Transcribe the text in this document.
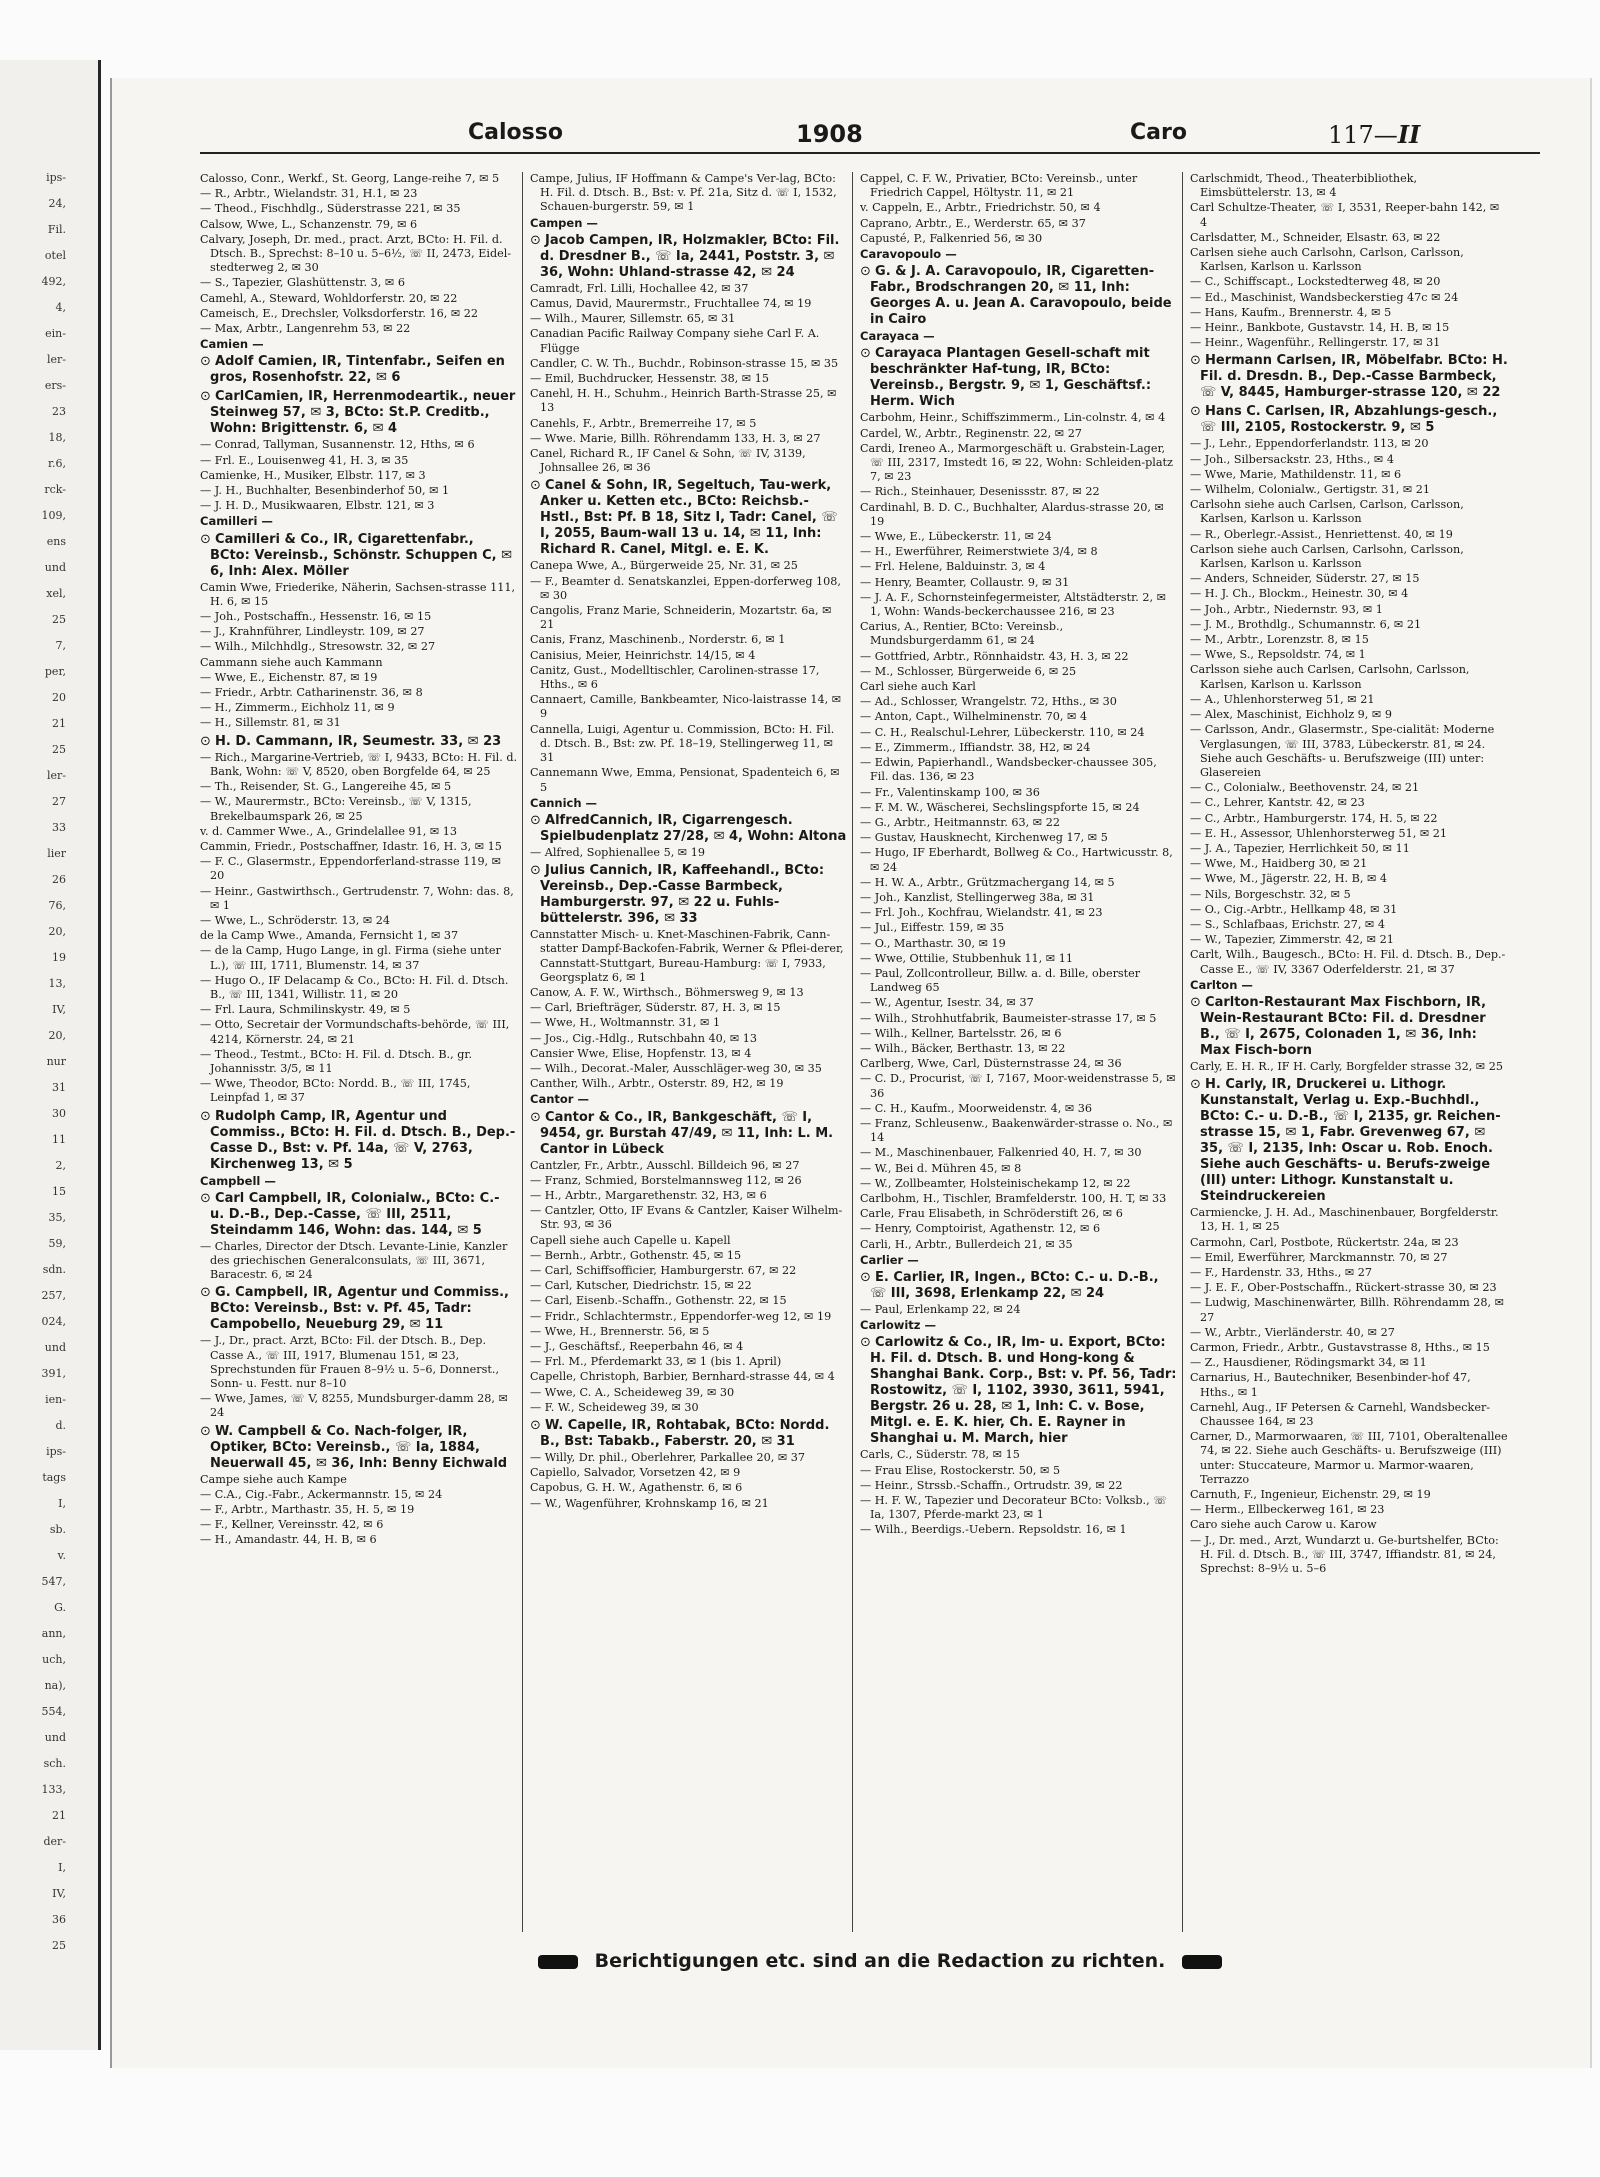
ips-
24,
Fil.
otel
492,
4,
ein-
ler-
ers-
23
18,
r.6,
rck-
109,
ens
und
xel,
25
7,
per,
20
21
25
ler-
27
33
lier
26
76,
20,
19
13,
IV,
20,
nur
31
30
11
2,
15
35,
59,
sdn.
257,
024,
und
391,
ien-
d.
ips-
tags
I,
sb.
v.
547,
G.
ann,
uch,
na),
554,
und
sch.
133,
21
der-
I,
IV,
36
25
Calosso	1908	Caro	117—II
Calosso, Conr., Werkf., St. Georg, Lange-reihe 7, ✉ 5
— R., Arbtr., Wielandstr. 31, H.1, ✉ 23
— Theod., Fischhdlg., Süderstrasse 221, ✉ 35
Calsow, Wwe, L., Schanzenstr. 79, ✉ 6
Calvary, Joseph, Dr. med., pract. Arzt, BCto: H. Fil. d. Dtsch. B., Sprechst: 8–10 u. 5–6½, ☏ II, 2473, Eidel-stedterweg 2, ✉ 30
— S., Tapezier, Glashüttenstr. 3, ✉ 6
Camehl, A., Steward, Wohldorferstr. 20, ✉ 22
Cameisch, E., Drechsler, Volksdorferstr. 16, ✉ 22
— Max, Arbtr., Langenrehm 53, ✉ 22
Camien —
⊙ Adolf Camien, IR, Tintenfabr., Seifen en gros, Rosenhofstr. 22, ✉ 6
⊙ CarlCamien, IR, Herrenmodeartik., neuer Steinweg 57, ✉ 3, BCto: St.P. Creditb., Wohn: Brigittenstr. 6, ✉ 4
— Conrad, Tallyman, Susannenstr. 12, Hths, ✉ 6
— Frl. E., Louisenweg 41, H. 3, ✉ 35
Camienke, H., Musiker, Elbstr. 117, ✉ 3
— J. H., Buchhalter, Besenbinderhof 50, ✉ 1
— J. H. D., Musikwaaren, Elbstr. 121, ✉ 3
Camilleri —
⊙ Camilleri & Co., IR, Cigarettenfabr., BCto: Vereinsb., Schönstr. Schuppen C, ✉ 6, Inh: Alex. Möller
Camin Wwe, Friederike, Näherin, Sachsen-strasse 111, H. 6, ✉ 15
— Joh., Postschaffn., Hessenstr. 16, ✉ 15
— J., Krahnführer, Lindleystr. 109, ✉ 27
— Wilh., Milchhdlg., Stresowstr. 32, ✉ 27
Cammann siehe auch Kammann
— Wwe, E., Eichenstr. 87, ✉ 19
— Friedr., Arbtr. Catharinenstr. 36, ✉ 8
— H., Zimmerm., Eichholz 11, ✉ 9
— H., Sillemstr. 81, ✉ 31
⊙ H. D. Cammann, IR, Seumestr. 33, ✉ 23
— Rich., Margarine-Vertrieb, ☏ I, 9433, BCto: H. Fil. d. Bank, Wohn: ☏ V, 8520, oben Borgfelde 64, ✉ 25
— Th., Reisender, St. G., Langereihe 45, ✉ 5
— W., Maurermstr., BCto: Vereinsb., ☏ V, 1315, Brekelbaumspark 26, ✉ 25
v. d. Cammer Wwe., A., Grindelallee 91, ✉ 13
Cammin, Friedr., Postschaffner, Idastr. 16, H. 3, ✉ 15
— F. C., Glasermstr., Eppendorferland-strasse 119, ✉ 20
— Heinr., Gastwirthsch., Gertrudenstr. 7, Wohn: das. 8, ✉ 1
— Wwe, L., Schröderstr. 13, ✉ 24
de la Camp Wwe., Amanda, Fernsicht 1, ✉ 37
— de la Camp, Hugo Lange, in gl. Firma (siehe unter L.), ☏ III, 1711, Blumenstr. 14, ✉ 37
— Hugo O., IF Delacamp & Co., BCto: H. Fil. d. Dtsch. B., ☏ III, 1341, Willistr. 11, ✉ 20
— Frl. Laura, Schmilinskystr. 49, ✉ 5
— Otto, Secretair der Vormundschafts-behörde, ☏ III, 4214, Körnerstr. 24, ✉ 21
— Theod., Testmt., BCto: H. Fil. d. Dtsch. B., gr. Johannisstr. 3/5, ✉ 11
— Wwe, Theodor, BCto: Nordd. B., ☏ III, 1745, Leinpfad 1, ✉ 37
⊙ Rudolph Camp, IR, Agentur und Commiss., BCto: H. Fil. d. Dtsch. B., Dep.-Casse D., Bst: v. Pf. 14a, ☏ V, 2763, Kirchenweg 13, ✉ 5
Campbell —
⊙ Carl Campbell, IR, Colonialw., BCto: C.- u. D.-B., Dep.-Casse, ☏ III, 2511, Steindamm 146, Wohn: das. 144, ✉ 5
— Charles, Director der Dtsch. Levante-Linie, Kanzler des griechischen Generalconsulats, ☏ III, 3671, Baracestr. 6, ✉ 24
⊙ G. Campbell, IR, Agentur und Commiss., BCto: Vereinsb., Bst: v. Pf. 45, Tadr: Campobello, Neueburg 29, ✉ 11
— J., Dr., pract. Arzt, BCto: Fil. der Dtsch. B., Dep. Casse A., ☏ III, 1917, Blumenau 151, ✉ 23, Sprechstunden für Frauen 8–9½ u. 5–6, Donnerst., Sonn- u. Festt. nur 8–10
— Wwe, James, ☏ V, 8255, Mundsburger-damm 28, ✉ 24
⊙ W. Campbell & Co. Nach-folger, IR, Optiker, BCto: Vereinsb., ☏ Ia, 1884, Neuerwall 45, ✉ 36, Inh: Benny Eichwald
Campe siehe auch Kampe
— C.A., Cig.-Fabr., Ackermannstr. 15, ✉ 24
— F., Arbtr., Marthastr. 35, H. 5, ✉ 19
— F., Kellner, Vereinsstr. 42, ✉ 6
— H., Amandastr. 44, H. B, ✉ 6
Campe, Julius, IF Hoffmann & Campe's Ver-lag, BCto: H. Fil. d. Dtsch. B., Bst: v. Pf. 21a, Sitz d. ☏ I, 1532, Schauen-burgerstr. 59, ✉ 1
Campen —
⊙ Jacob Campen, IR, Holzmakler, BCto: Fil. d. Dresdner B., ☏ Ia, 2441, Poststr. 3, ✉ 36, Wohn: Uhland-strasse 42, ✉ 24
Camradt, Frl. Lilli, Hochallee 42, ✉ 37
Camus, David, Maurermstr., Fruchtallee 74, ✉ 19
— Wilh., Maurer, Sillemstr. 65, ✉ 31
Canadian Pacific Railway Company siehe Carl F. A. Flügge
Candler, C. W. Th., Buchdr., Robinson-strasse 15, ✉ 35
— Emil, Buchdrucker, Hessenstr. 38, ✉ 15
Canehl, H. H., Schuhm., Heinrich Barth-Strasse 25, ✉ 13
Canehls, F., Arbtr., Bremerreihe 17, ✉ 5
— Wwe. Marie, Billh. Röhrendamm 133, H. 3, ✉ 27
Canel, Richard R., IF Canel & Sohn, ☏ IV, 3139, Johnsallee 26, ✉ 36
⊙ Canel & Sohn, IR, Segeltuch, Tau-werk, Anker u. Ketten etc., BCto: Reichsb.-Hstl., Bst: Pf. B 18, Sitz I, Tadr: Canel, ☏ I, 2055, Baum-wall 13 u. 14, ✉ 11, Inh: Richard R. Canel, Mitgl. e. E. K.
Canepa Wwe, A., Bürgerweide 25, Nr. 31, ✉ 25
— F., Beamter d. Senatskanzlei, Eppen-dorferweg 108, ✉ 30
Cangolis, Franz Marie, Schneiderin, Mozartstr. 6a, ✉ 21
Canis, Franz, Maschinenb., Norderstr. 6, ✉ 1
Canisius, Meier, Heinrichstr. 14/15, ✉ 4
Canitz, Gust., Modelltischler, Carolinen-strasse 17, Hths., ✉ 6
Cannaert, Camille, Bankbeamter, Nico-laistrasse 14, ✉ 9
Cannella, Luigi, Agentur u. Commission, BCto: H. Fil. d. Dtsch. B., Bst: zw. Pf. 18–19, Stellingerweg 11, ✉ 31
Cannemann Wwe, Emma, Pensionat, Spadenteich 6, ✉ 5
Cannich —
⊙ AlfredCannich, IR, Cigarrengesch. Spielbudenplatz 27/28, ✉ 4, Wohn: Altona
— Alfred, Sophienallee 5, ✉ 19
⊙ Julius Cannich, IR, Kaffeehandl., BCto: Vereinsb., Dep.-Casse Barmbeck, Hamburgerstr. 97, ✉ 22 u. Fuhls-büttelerstr. 396, ✉ 33
Cannstatter Misch- u. Knet-Maschinen-Fabrik, Cann-statter Dampf-Backofen-Fabrik, Werner & Pflei-derer, Cannstatt-Stuttgart, Bureau-Hamburg: ☏ I, 7933, Georgsplatz 6, ✉ 1
Canow, A. F. W., Wirthsch., Böhmersweg 9, ✉ 13
— Carl, Briefträger, Süderstr. 87, H. 3, ✉ 15
— Wwe, H., Woltmannstr. 31, ✉ 1
— Jos., Cig.-Hdlg., Rutschbahn 40, ✉ 13
Cansier Wwe, Elise, Hopfenstr. 13, ✉ 4
— Wilh., Decorat.-Maler, Ausschläger-weg 30, ✉ 35
Canther, Wilh., Arbtr., Osterstr. 89, H2, ✉ 19
Cantor —
⊙ Cantor & Co., IR, Bankgeschäft, ☏ I, 9454, gr. Burstah 47/49, ✉ 11, Inh: L. M. Cantor in Lübeck
Cantzler, Fr., Arbtr., Ausschl. Billdeich 96, ✉ 27
— Franz, Schmied, Borstelmannsweg 112, ✉ 26
— H., Arbtr., Margarethenstr. 32, H3, ✉ 6
— Cantzler, Otto, IF Evans & Cantzler, Kaiser Wilhelm-Str. 93, ✉ 36
Capell siehe auch Capelle u. Kapell
— Bernh., Arbtr., Gothenstr. 45, ✉ 15
— Carl, Schiffsofficier, Hamburgerstr. 67, ✉ 22
— Carl, Kutscher, Diedrichstr. 15, ✉ 22
— Carl, Eisenb.-Schaffn., Gothenstr. 22, ✉ 15
— Fridr., Schlachtermstr., Eppendorfer-weg 12, ✉ 19
— Wwe, H., Brennerstr. 56, ✉ 5
— J., Geschäftsf., Reeperbahn 46, ✉ 4
— Frl. M., Pferdemarkt 33, ✉ 1 (bis 1. April)
Capelle, Christoph, Barbier, Bernhard-strasse 44, ✉ 4
— Wwe, C. A., Scheideweg 39, ✉ 30
— F. W., Scheideweg 39, ✉ 30
⊙ W. Capelle, IR, Rohtabak, BCto: Nordd. B., Bst: Tabakb., Faberstr. 20, ✉ 31
— Willy, Dr. phil., Oberlehrer, Parkallee 20, ✉ 37
Capiello, Salvador, Vorsetzen 42, ✉ 9
Capobus, G. H. W., Agathenstr. 6, ✉ 6
— W., Wagenführer, Krohnskamp 16, ✉ 21
Cappel, C. F. W., Privatier, BCto: Vereinsb., unter Friedrich Cappel, Höltystr. 11, ✉ 21
v. Cappeln, E., Arbtr., Friedrichstr. 50, ✉ 4
Caprano, Arbtr., E., Werderstr. 65, ✉ 37
Capusté, P., Falkenried 56, ✉ 30
Caravopoulo —
⊙ G. & J. A. Caravopoulo, IR, Cigaretten-Fabr., Brodschrangen 20, ✉ 11, Inh: Georges A. u. Jean A. Caravopoulo, beide in Cairo
Carayaca —
⊙ Carayaca Plantagen Gesell-schaft mit beschränkter Haf-tung, IR, BCto: Vereinsb., Bergstr. 9, ✉ 1, Geschäftsf.: Herm. Wich
Carbohm, Heinr., Schiffszimmerm., Lin-colnstr. 4, ✉ 4
Cardel, W., Arbtr., Reginenstr. 22, ✉ 27
Cardi, Ireneo A., Marmorgeschäft u. Grabstein-Lager, ☏ III, 2317, Imstedt 16, ✉ 22, Wohn: Schleiden-platz 7, ✉ 23
— Rich., Steinhauer, Desenissstr. 87, ✉ 22
Cardinahl, B. D. C., Buchhalter, Alardus-strasse 20, ✉ 19
— Wwe, E., Lübeckerstr. 11, ✉ 24
— H., Ewerführer, Reimerstwiete 3/4, ✉ 8
— Frl. Helene, Balduinstr. 3, ✉ 4
— Henry, Beamter, Collaustr. 9, ✉ 31
— J. A. F., Schornsteinfegermeister, Altstädterstr. 2, ✉ 1, Wohn: Wands-beckerchaussee 216, ✉ 23
Carius, A., Rentier, BCto: Vereinsb., Mundsburgerdamm 61, ✉ 24
— Gottfried, Arbtr., Rönnhaidstr. 43, H. 3, ✉ 22
— M., Schlosser, Bürgerweide 6, ✉ 25
Carl siehe auch Karl
— Ad., Schlosser, Wrangelstr. 72, Hths., ✉ 30
— Anton, Capt., Wilhelminenstr. 70, ✉ 4
— C. H., Realschul-Lehrer, Lübeckerstr. 110, ✉ 24
— E., Zimmerm., Iffiandstr. 38, H2, ✉ 24
— Edwin, Papierhandl., Wandsbecker-chaussee 305, Fil. das. 136, ✉ 23
— Fr., Valentinskamp 100, ✉ 36
— F. M. W., Wäscherei, Sechslingspforte 15, ✉ 24
— G., Arbtr., Heitmannstr. 63, ✉ 22
— Gustav, Hausknecht, Kirchenweg 17, ✉ 5
— Hugo, IF Eberhardt, Bollweg & Co., Hartwicusstr. 8, ✉ 24
— H. W. A., Arbtr., Grützmachergang 14, ✉ 5
— Joh., Kanzlist, Stellingerweg 38a, ✉ 31
— Frl. Joh., Kochfrau, Wielandstr. 41, ✉ 23
— Jul., Eiffestr. 159, ✉ 35
— O., Marthastr. 30, ✉ 19
— Wwe, Ottilie, Stubbenhuk 11, ✉ 11
— Paul, Zollcontrolleur, Billw. a. d. Bille, oberster Landweg 65
— W., Agentur, Isestr. 34, ✉ 37
— Wilh., Strohhutfabrik, Baumeister-strasse 17, ✉ 5
— Wilh., Kellner, Bartelsstr. 26, ✉ 6
— Wilh., Bäcker, Berthastr. 13, ✉ 22
Carlberg, Wwe, Carl, Düsternstrasse 24, ✉ 36
— C. D., Procurist, ☏ I, 7167, Moor-weidenstrasse 5, ✉ 36
— C. H., Kaufm., Moorweidenstr. 4, ✉ 36
— Franz, Schleusenw., Baakenwärder-strasse o. No., ✉ 14
— M., Maschinenbauer, Falkenried 40, H. 7, ✉ 30
— W., Bei d. Mühren 45, ✉ 8
— W., Zollbeamter, Holsteinischekamp 12, ✉ 22
Carlbohm, H., Tischler, Bramfelderstr. 100, H. T, ✉ 33
Carle, Frau Elisabeth, in Schröderstift 26, ✉ 6
— Henry, Comptoirist, Agathenstr. 12, ✉ 6
Carli, H., Arbtr., Bullerdeich 21, ✉ 35
Carlier —
⊙ E. Carlier, IR, Ingen., BCto: C.- u. D.-B., ☏ III, 3698, Erlenkamp 22, ✉ 24
— Paul, Erlenkamp 22, ✉ 24
Carlowitz —
⊙ Carlowitz & Co., IR, Im- u. Export, BCto: H. Fil. d. Dtsch. B. und Hong-kong & Shanghai Bank. Corp., Bst: v. Pf. 56, Tadr: Rostowitz, ☏ I, 1102, 3930, 3611, 5941, Bergstr. 26 u. 28, ✉ 1, Inh: C. v. Bose, Mitgl. e. E. K. hier, Ch. E. Rayner in Shanghai u. M. March, hier
Carls, C., Süderstr. 78, ✉ 15
— Frau Elise, Rostockerstr. 50, ✉ 5
— Heinr., Strssb.-Schaffn., Ortrudstr. 39, ✉ 22
— H. F. W., Tapezier und Decorateur BCto: Volksb., ☏ Ia, 1307, Pferde-markt 23, ✉ 1
— Wilh., Beerdigs.-Uebern. Repsoldstr. 16, ✉ 1
Carlschmidt, Theod., Theaterbibliothek, Eimsbüttelerstr. 13, ✉ 4
Carl Schultze-Theater, ☏ I, 3531, Reeper-bahn 142, ✉ 4
Carlsdatter, M., Schneider, Elsastr. 63, ✉ 22
Carlsen siehe auch Carlsohn, Carlson, Carlsson, Karlsen, Karlson u. Karlsson
— C., Schiffscapt., Lockstedterweg 48, ✉ 20
— Ed., Maschinist, Wandsbeckerstieg 47c ✉ 24
— Hans, Kaufm., Brennerstr. 4, ✉ 5
— Heinr., Bankbote, Gustavstr. 14, H. B, ✉ 15
— Heinr., Wagenführ., Rellingerstr. 17, ✉ 31
⊙ Hermann Carlsen, IR, Möbelfabr. BCto: H. Fil. d. Dresdn. B., Dep.-Casse Barmbeck, ☏ V, 8445, Hamburger-strasse 120, ✉ 22
⊙ Hans C. Carlsen, IR, Abzahlungs-gesch., ☏ III, 2105, Rostockerstr. 9, ✉ 5
— J., Lehr., Eppendorferlandstr. 113, ✉ 20
— Joh., Silbersackstr. 23, Hths., ✉ 4
— Wwe, Marie, Mathildenstr. 11, ✉ 6
— Wilhelm, Colonialw., Gertigstr. 31, ✉ 21
Carlsohn siehe auch Carlsen, Carlson, Carlsson, Karlsen, Karlson u. Karlsson
— R., Oberlegr.-Assist., Henriettenst. 40, ✉ 19
Carlson siehe auch Carlsen, Carlsohn, Carlsson, Karlsen, Karlson u. Karlsson
— Anders, Schneider, Süderstr. 27, ✉ 15
— H. J. Ch., Blockm., Heinestr. 30, ✉ 4
— Joh., Arbtr., Niedernstr. 93, ✉ 1
— J. M., Brothdlg., Schumannstr. 6, ✉ 21
— M., Arbtr., Lorenzstr. 8, ✉ 15
— Wwe, S., Repsoldstr. 74, ✉ 1
Carlsson siehe auch Carlsen, Carlsohn, Carlsson, Karlsen, Karlson u. Karlsson
— A., Uhlenhorsterweg 51, ✉ 21
— Alex, Maschinist, Eichholz 9, ✉ 9
— Carlsson, Andr., Glasermstr., Spe-cialität: Moderne Verglasungen, ☏ III, 3783, Lübeckerstr. 81, ✉ 24. Siehe auch Geschäfts- u. Berufszweige (III) unter: Glasereien
— C., Colonialw., Beethovenstr. 24, ✉ 21
— C., Lehrer, Kantstr. 42, ✉ 23
— C., Arbtr., Hamburgerstr. 174, H. 5, ✉ 22
— E. H., Assessor, Uhlenhorsterweg 51, ✉ 21
— J. A., Tapezier, Herrlichkeit 50, ✉ 11
— Wwe, M., Haidberg 30, ✉ 21
— Wwe, M., Jägerstr. 22, H. B, ✉ 4
— Nils, Borgeschstr. 32, ✉ 5
— O., Cig.-Arbtr., Hellkamp 48, ✉ 31
— S., Schlafbaas, Erichstr. 27, ✉ 4
— W., Tapezier, Zimmerstr. 42, ✉ 21
Carlt, Wilh., Baugesch., BCto: H. Fil. d. Dtsch. B., Dep.-Casse E., ☏ IV, 3367 Oderfelderstr. 21, ✉ 37
Carlton —
⊙ Carlton-Restaurant Max Fischborn, IR, Wein-Restaurant BCto: Fil. d. Dresdner B., ☏ I, 2675, Colonaden 1, ✉ 36, Inh: Max Fisch-born
Carly, E. H. R., IF H. Carly, Borgfelder strasse 32, ✉ 25
⊙ H. Carly, IR, Druckerei u. Lithogr. Kunstanstalt, Verlag u. Exp.-Buchhdl., BCto: C.- u. D.-B., ☏ I, 2135, gr. Reichen-strasse 15, ✉ 1, Fabr. Grevenweg 67, ✉ 35, ☏ I, 2135, Inh: Oscar u. Rob. Enoch. Siehe auch Geschäfts- u. Berufs-zweige (III) unter: Lithogr. Kunstanstalt u. Steindruckereien
Carmiencke, J. H. Ad., Maschinenbauer, Borgfelderstr. 13, H. 1, ✉ 25
Carmohn, Carl, Postbote, Rückertstr. 24a, ✉ 23
— Emil, Ewerführer, Marckmannstr. 70, ✉ 27
— F., Hardenstr. 33, Hths., ✉ 27
— J. E. F., Ober-Postschaffn., Rückert-strasse 30, ✉ 23
— Ludwig, Maschinenwärter, Billh. Röhrendamm 28, ✉ 27
— W., Arbtr., Vierländerstr. 40, ✉ 27
Carmon, Friedr., Arbtr., Gustavstrasse 8, Hths., ✉ 15
— Z., Hausdiener, Rödingsmarkt 34, ✉ 11
Carnarius, H., Bautechniker, Besenbinder-hof 47, Hths., ✉ 1
Carnehl, Aug., IF Petersen & Carnehl, Wandsbecker-Chaussee 164, ✉ 23
Carner, D., Marmorwaaren, ☏ III, 7101, Oberaltenallee 74, ✉ 22. Siehe auch Geschäfts- u. Berufszweige (III) unter: Stuccateure, Marmor u. Marmor-waaren, Terrazzo
Carnuth, F., Ingenieur, Eichenstr. 29, ✉ 19
— Herm., Ellbeckerweg 161, ✉ 23
Caro siehe auch Carow u. Karow
— J., Dr. med., Arzt, Wundarzt u. Ge-burtshelfer, BCto: H. Fil. d. Dtsch. B., ☏ III, 3747, Iffiandstr. 81, ✉ 24, Sprechst: 8–9½ u. 5–6
Berichtigungen etc. sind an die Redaction zu richten.
